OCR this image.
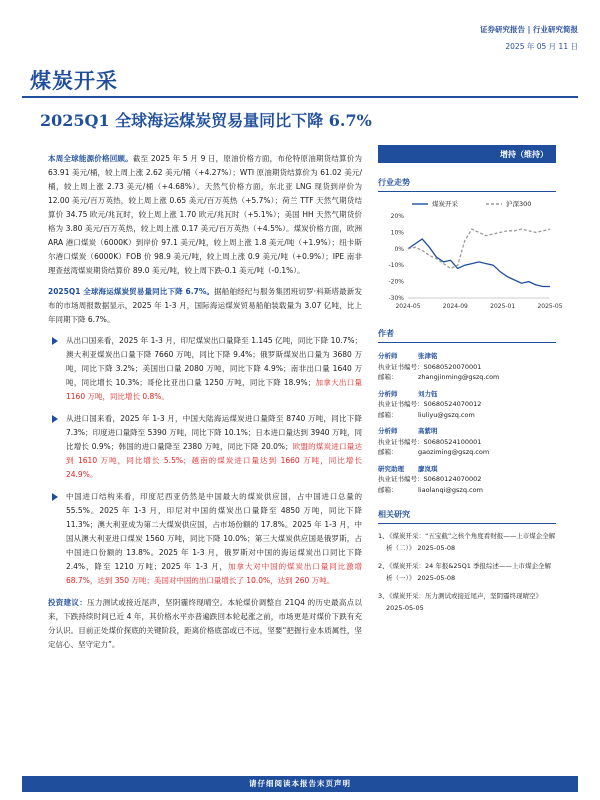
证券研究报告 | 行业研究简报
2025 年 05 月 11 日
煤炭开采
2025Q1 全球海运煤炭贸易量同比下降 6.7%

本周全球能源价格回顾。截至 2025 年 5 月 9 日，原油价格方面，布伦特原油期货结算价为 63.91 美元/桶，较上周上涨 2.62 美元/桶（+4.27%）；WTI 原油期货结算价为 61.02 美元/桶，较上周上涨 2.73 美元/桶（+4.68%）。天然气价格方面，东北亚 LNG 现货到岸价为 12.00 美元/百万英热，较上周上涨 0.65 美元/百万英热（+5.7%）；荷兰 TTF 天然气期货结算价 34.75 欧元/兆瓦时，较上周上涨 1.70 欧元/兆瓦时（+5.1%）；美国 HH 天然气期货价格为 3.80 美元/百万英热，较上周上涨 0.17 美元/百万英热（+4.5%）。煤炭价格方面，欧洲 ARA 港口煤炭（6000K）到岸价 97.1 美元/吨，较上周上涨 1.8 美元/吨（+1.9%）；纽卡斯尔港口煤炭（6000K）FOB 价 98.9 美元/吨，较上周上涨 0.9 美元/吨（+0.9%）；IPE 南非理查兹湾煤炭期货结算价 89.0 美元/吨，较上周下跌-0.1 美元/吨（-0.1%）。

2025Q1 全球海运煤炭贸易量同比下降 6.7%。据船舶经纪与服务集团班切罗·科斯塔最新发布的市场周报数据显示，2025 年 1-3 月，国际海运煤炭贸易船舶装载量为 3.07 亿吨，比上年同期下降 6.7%。

从出口国来看，2025 年 1-3 月，印尼煤炭出口量降至 1.145 亿吨，同比下降 10.7%；澳大利亚煤炭出口量下降 7660 万吨，同比下降 9.4%；俄罗斯煤炭出口量为 3680 万吨，同比下降 3.2%；美国出口量 2080 万吨，同比下降 4.9%；南非出口量 1640 万吨，同比增长 10.3%；哥伦比亚出口量 1250 万吨，同比下降 18.9%；加拿大出口量 1160 万吨，同比增长 0.8%。
从进口国来看，2025 年 1-3 月，中国大陆海运煤炭进口量降至 8740 万吨，同比下降 7.3%；印度进口量降至 5390 万吨，同比下降 10.1%；日本进口量达到 3940 万吨，同比增长 0.9%；韩国的进口量降至 2380 万吨，同比下降 20.0%；欧盟的煤炭进口量达到 1610 万吨，同比增长 5.5%；越南的煤炭进口量达到 1660 万吨，同比增长 24.9%。
中国进口结构来看，印度尼西亚仍然是中国最大的煤炭供应国，占中国进口总量的 55.5%。2025 年 1-3 月，印尼对中国的煤炭出口量降至 4850 万吨，同比下降 11.3%；澳大利亚成为第二大煤炭供应国，占市场份额的 17.8%。2025 年 1-3 月，中国从澳大利亚进口煤炭 1560 万吨，同比下降 10.0%；第三大煤炭供应国是俄罗斯，占中国进口份额的 13.8%。2025 年 1-3 月，俄罗斯对中国的海运煤炭出口同比下降 2.4%，降至 1210 万吨；2025 年 1-3 月，加拿大对中国的煤炭出口量同比激增 68.7%，达到 350 万吨；美国对中国的出口量增长了 10.0%，达到 260 万吨。

投资建议：压力测试或接近尾声，坚阴霾终现晴空。本轮煤价调整自 21Q4 的历史最高点以来，下跌持续时间已近 4 年，其价格水平亦普遍跌回本轮起涨之前，市场更是对煤价下跌有充分认识。目前正处煤价探底的关键阶段，距离价格底部或已不远，坚要“把握行业本质属性，坚定信心、坚守定力”。

增持（维持）
行业走势
20%
10%
0%
-10%
-20%
-30%
2024-05	2024-09	2025-01	2025-05
煤炭开采	沪深300
作者
分析师	张津铭
执业证书编号：S0680520070001
邮箱：	zhangjinming@gszq.com
分析师	刘力钰
执业证书编号：S0680524070012
邮箱：	liuliyu@gszq.com
分析师	高紫明
执业证书编号：S0680524100001
邮箱：	gaoziming@gszq.com
研究助理 廖岚琪
执业证书编号：S0680124070002
邮箱：	liaolanqi@gszq.com
相关研究
1、
《煤炭开采：“五宝截”之核个角度看财报——上市煤企全解析（二）》 2025-05-08
2、
《煤炭开采：24 年报&25Q1 季报综述——上市煤企全解析（一）》 2025-05-08
3、
《煤炭开采：压力测试或接近尾声，坚阴霾终现晴空》 2025-05-05
请仔细阅读本报告末页声明
